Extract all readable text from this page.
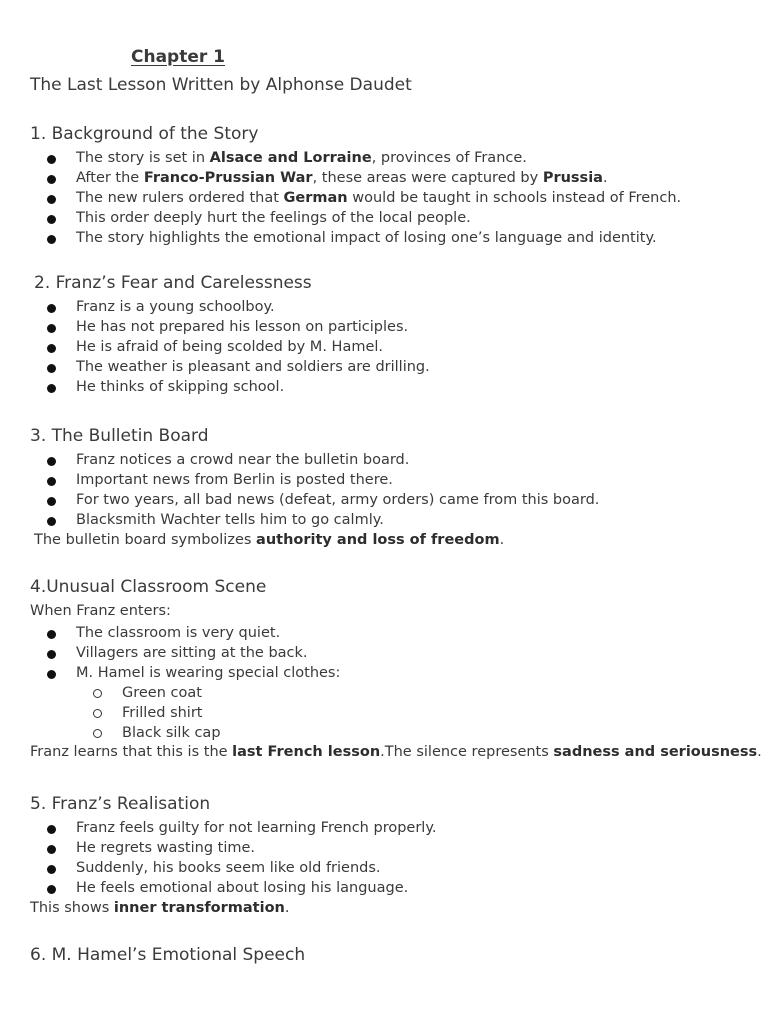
Chapter 1
The Last Lesson Written by Alphonse Daudet
1. Background of the Story
The story is set in Alsace and Lorraine, provinces of France.
After the Franco-Prussian War, these areas were captured by Prussia.
The new rulers ordered that German would be taught in schools instead of French.
This order deeply hurt the feelings of the local people.
The story highlights the emotional impact of losing one’s language and identity.
2. Franz’s Fear and Carelessness
Franz is a young schoolboy.
He has not prepared his lesson on participles.
He is afraid of being scolded by M. Hamel.
The weather is pleasant and soldiers are drilling.
He thinks of skipping school.
3. The Bulletin Board
Franz notices a crowd near the bulletin board.
Important news from Berlin is posted there.
For two years, all bad news (defeat, army orders) came from this board.
Blacksmith Wachter tells him to go calmly.
The bulletin board symbolizes authority and loss of freedom.
4.Unusual Classroom Scene
When Franz enters:
The classroom is very quiet.
Villagers are sitting at the back.
M. Hamel is wearing special clothes:
Green coat
Frilled shirt
Black silk cap
Franz learns that this is the last French lesson.The silence represents sadness and seriousness.
5. Franz’s Realisation
Franz feels guilty for not learning French properly.
He regrets wasting time.
Suddenly, his books seem like old friends.
He feels emotional about losing his language.
This shows inner transformation.
6. M. Hamel’s Emotional Speech
